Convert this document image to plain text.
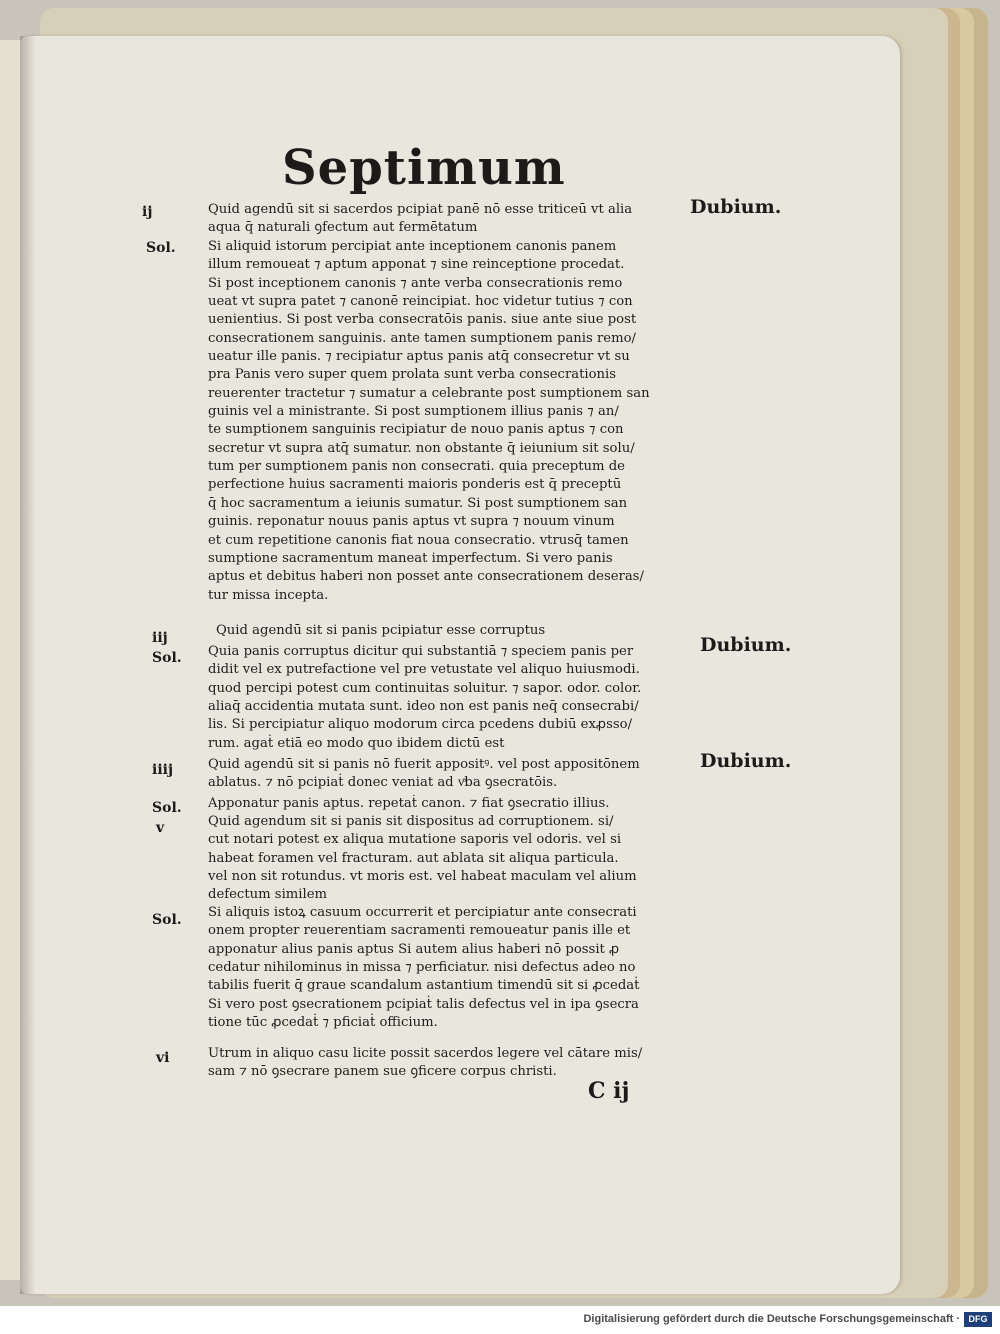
Septimum
ij
Sol.
iij
Sol.
iiij
Sol.
v
Sol.
vi
Dubium.
Dubium.
Dubium.
Quid agendū sit si sacerdos pcipiat panē nō esse triticeū vt alia
aqua q̄ naturali ꝯfectum aut fermētatum
Si aliquid istorum percipiat ante inceptionem canonis panem
illum remoueat ⁊ aptum apponat ⁊ sine reinceptione procedat.
Si post inceptionem canonis ⁊ ante verba consecrationis remo
ueat vt supra patet ⁊ canonē reincipiat. hoc videtur tutius ⁊ con
uenientius. Si post verba consecratōis panis. siue ante siue post
consecrationem sanguinis. ante tamen sumptionem panis remo/
ueatur ille panis. ⁊ recipiatur aptus panis atq̄ consecretur vt su
pra Panis vero super quem prolata sunt verba consecrationis
reuerenter tractetur ⁊ sumatur a celebrante post sumptionem san
guinis vel a ministrante. Si post sumptionem illius panis ⁊ an/
te sumptionem sanguinis recipiatur de nouo panis aptus ⁊ con
secretur vt supra atq̄ sumatur. non obstante q̄ ieiunium sit solu/
tum per sumptionem panis non consecrati. quia preceptum de
perfectione huius sacramenti maioris ponderis est q̄ preceptū
q̄ hoc sacramentum a ieiunis sumatur. Si post sumptionem san
guinis. reponatur nouus panis aptus vt supra ⁊ nouum vinum
et cum repetitione canonis fiat noua consecratio. vtrusq̄ tamen
sumptione sacramentum maneat imperfectum. Si vero panis
aptus et debitus haberi non posset ante consecrationem deseras/
tur missa incepta.
Quid agendū sit si panis pcipiatur esse corruptus
Quia panis corruptus dicitur qui substantiā ⁊ speciem panis per
didit vel ex putrefactione vel pre vetustate vel aliquo huiusmodi.
quod percipi potest cum continuitas soluitur. ⁊ sapor. odor. color.
aliaq̄ accidentia mutata sunt. ideo non est panis neq̄ consecrabi/
lis. Si percipiatur aliquo modorum circa pcedens dubiū exꝓsso/
rum. agaṫ etiā eo modo quo ibidem dictū est
Quid agendū sit si panis nō fuerit appositꝰ. vel post appositōnem
ablatus. ⁊ nō pcipiaṫ donec veniat ad vͣba ꝯsecratōis.
Apponatur panis aptus. repetaṫ canon. ⁊ fiat ꝯsecratio illius.
Quid agendum sit si panis sit dispositus ad corruptionem. si/
cut notari potest ex aliqua mutatione saporis vel odoris. vel si
habeat foramen vel fracturam. aut ablata sit aliqua particula.
vel non sit rotundus. vt moris est. vel habeat maculam vel alium
defectum similem
Si aliquis istoꝝ casuum occurrerit et percipiatur ante consecrati
onem propter reuerentiam sacramenti remoueatur panis ille et
apponatur alius panis aptus Si autem alius haberi nō possit ꝓ
cedatur nihilominus in missa ⁊ perficiatur. nisi defectus adeo no
tabilis fuerit q̄ graue scandalum astantium timendū sit si ꝓcedaṫ
Si vero post ꝯsecrationem pcipiaṫ talis defectus vel in ipa ꝯsecra
tione tūc ꝓcedaṫ ⁊ pficiaṫ officium.
Utrum in aliquo casu licite possit sacerdos legere vel cātare mis/
sam ⁊ nō ꝯsecrare panem sue ꝯficere corpus christi.
C ij
Digitalisierung gefördert durch die Deutsche Forschungsgemeinschaft · DFG
